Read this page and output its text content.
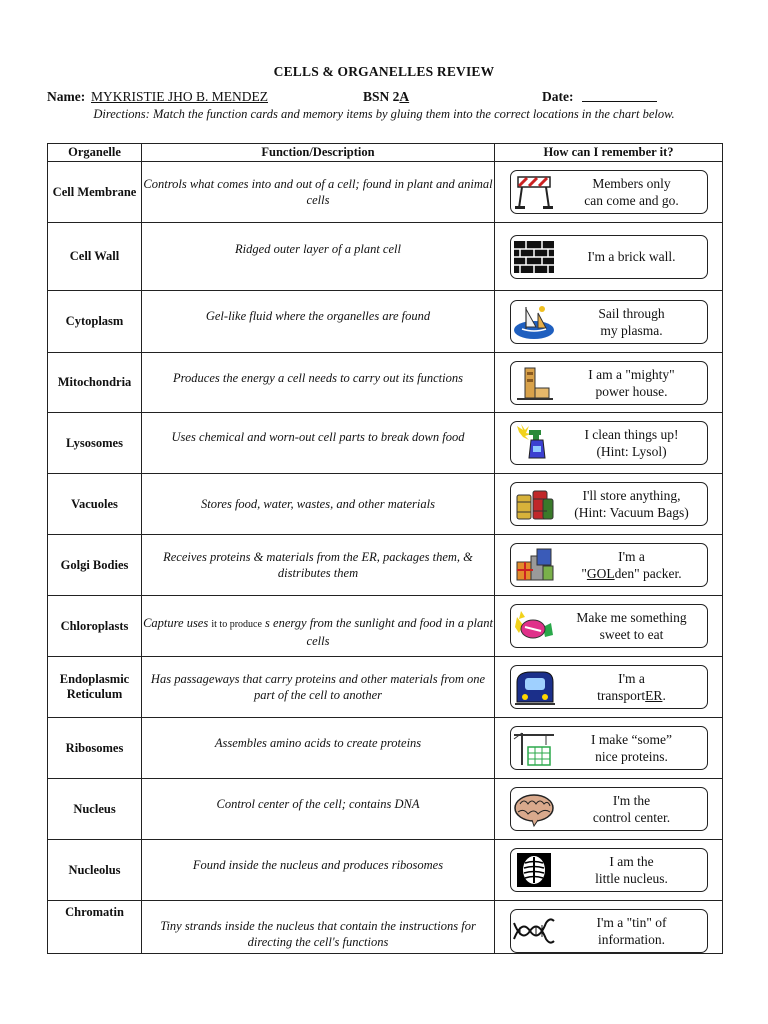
CELLS & ORGANELLES REVIEW
Name: MYKRISTIE JHO B. MENDEZ	BSN 2A	Date:
Directions: Match the function cards and memory items by gluing them into the correct locations in the chart below.
Organelle	Function/Description	How can I remember it?
Cell Membrane	Controls what comes into and out of a cell; found in plant and animal cells	Members only
can come and go.

Cell Wall	Ridged outer layer of a plant cell	I'm a brick wall.

Cytoplasm	Gel-like fluid where the organelles are found	Sail through
my plasma.

Mitochondria	Produces the energy a cell needs to carry out its functions	I am a "mighty"
power house.

Lysosomes	Uses chemical and worn-out cell parts to break down food	I clean things up!
(Hint: Lysol)

Vacuoles	Stores food, water, wastes, and other materials	I'll store anything,
(Hint: Vacuum Bags)

Golgi Bodies	Receives proteins & materials from the ER, packages them, & distributes them	I'm a
"GOLden" packer.

Chloroplasts	Capture uses it to produce s energy from the sunlight and food in a plant cells	Make me something
sweet to eat

Endoplasmic Reticulum	Has passageways that carry proteins and other materials from one part of the cell to another	I'm a
transportER.

Ribosomes	Assembles amino acids to create proteins	I make “some”
nice proteins.

Nucleus	Control center of the cell; contains DNA	I'm the
control center.

Nucleolus	Found inside the nucleus and produces ribosomes	I am the
little nucleus.

Chromatin	Tiny strands inside the nucleus that contain the instructions for directing the cell's functions	I'm a "tin" of
information.
